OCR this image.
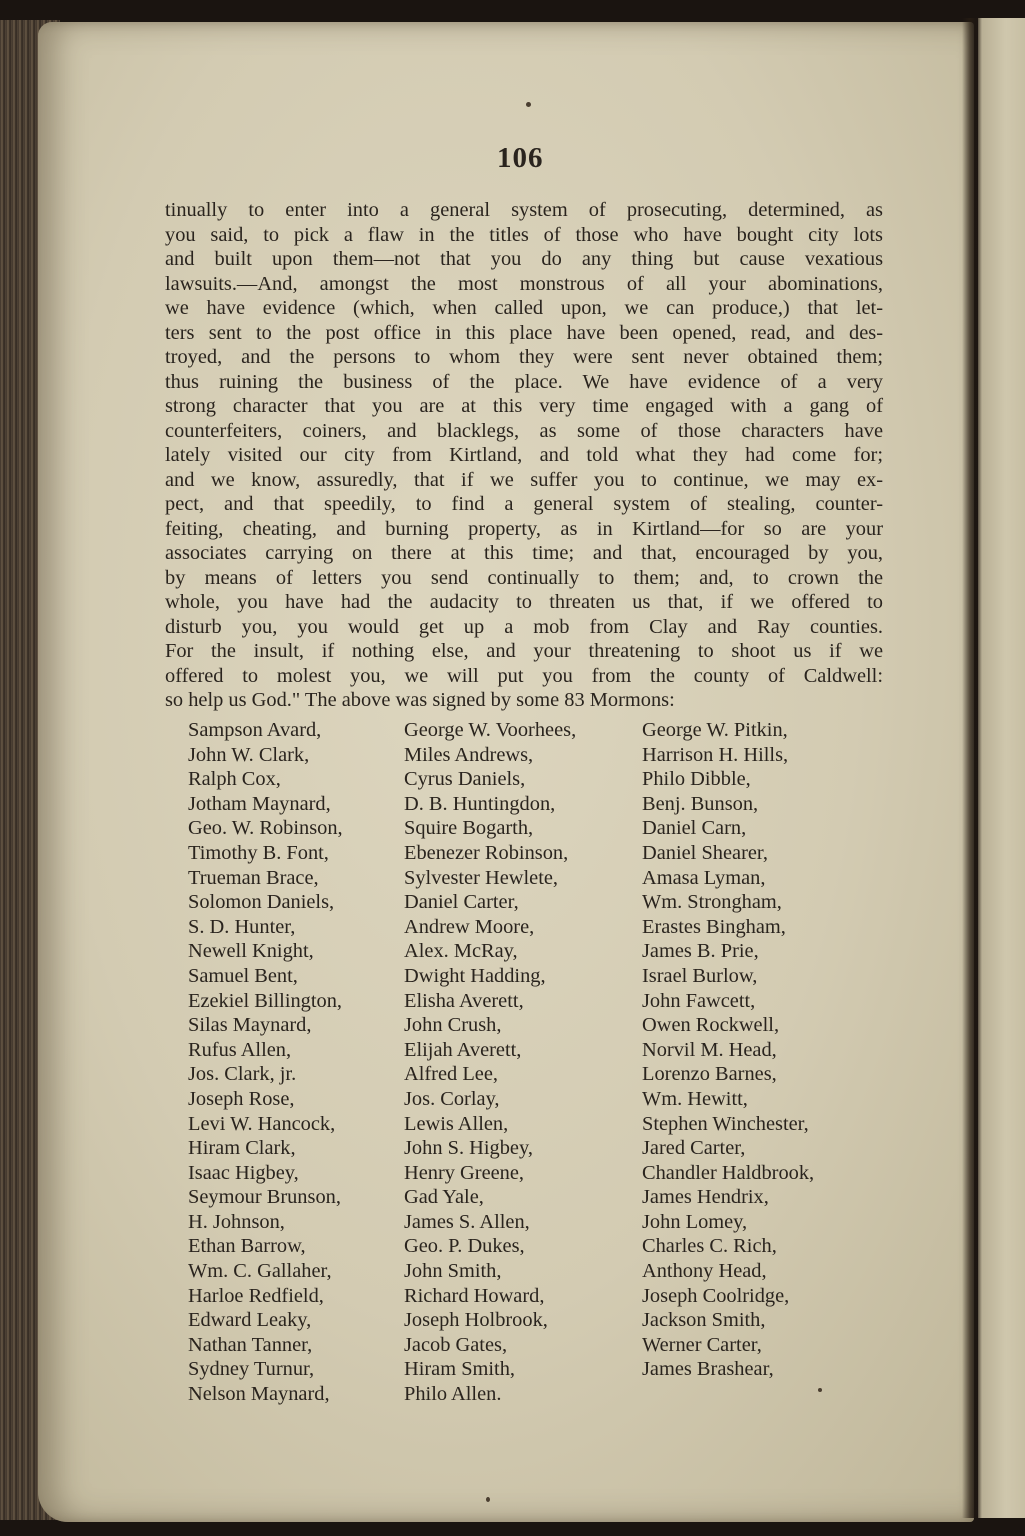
106
tinually to enter into a general system of prosecuting, determined, as
you said, to pick a flaw in the titles of those who have bought city lots
and built upon them—not that you do any thing but cause vexatious
lawsuits.—And, amongst the most monstrous of all your abominations,
we have evidence (which, when called upon, we can produce,) that let-
ters sent to the post office in this place have been opened, read, and des-
troyed, and the persons to whom they were sent never obtained them;
thus ruining the business of the place. We have evidence of a very
strong character that you are at this very time engaged with a gang of
counterfeiters, coiners, and blacklegs, as some of those characters have
lately visited our city from Kirtland, and told what they had come for;
and we know, assuredly, that if we suffer you to continue, we may ex-
pect, and that speedily, to find a general system of stealing, counter-
feiting, cheating, and burning property, as in Kirtland—for so are your
associates carrying on there at this time; and that, encouraged by you,
by means of letters you send continually to them; and, to crown the
whole, you have had the audacity to threaten us that, if we offered to
disturb you, you would get up a mob from Clay and Ray counties.
For the insult, if nothing else, and your threatening to shoot us if we
offered to molest you, we will put you from the county of Caldwell:
so help us God." The above was signed by some 83 Mormons:
Sampson Avard,
John W. Clark,
Ralph Cox,
Jotham Maynard,
Geo. W. Robinson,
Timothy B. Font,
Trueman Brace,
Solomon Daniels,
S. D. Hunter,
Newell Knight,
Samuel Bent,
Ezekiel Billington,
Silas Maynard,
Rufus Allen,
Jos. Clark, jr.
Joseph Rose,
Levi W. Hancock,
Hiram Clark,
Isaac Higbey,
Seymour Brunson,
H. Johnson,
Ethan Barrow,
Wm. C. Gallaher,
Harloe Redfield,
Edward Leaky,
Nathan Tanner,
Sydney Turnur,
Nelson Maynard,
George W. Voorhees,
Miles Andrews,
Cyrus Daniels,
D. B. Huntingdon,
Squire Bogarth,
Ebenezer Robinson,
Sylvester Hewlete,
Daniel Carter,
Andrew Moore,
Alex. McRay,
Dwight Hadding,
Elisha Averett,
John Crush,
Elijah Averett,
Alfred Lee,
Jos. Corlay,
Lewis Allen,
John S. Higbey,
Henry Greene,
Gad Yale,
James S. Allen,
Geo. P. Dukes,
John Smith,
Richard Howard,
Joseph Holbrook,
Jacob Gates,
Hiram Smith,
Philo Allen.
George W. Pitkin,
Harrison H. Hills,
Philo Dibble,
Benj. Bunson,
Daniel Carn,
Daniel Shearer,
Amasa Lyman,
Wm. Strongham,
Erastes Bingham,
James B. Prie,
Israel Burlow,
John Fawcett,
Owen Rockwell,
Norvil M. Head,
Lorenzo Barnes,
Wm. Hewitt,
Stephen Winchester,
Jared Carter,
Chandler Haldbrook,
James Hendrix,
John Lomey,
Charles C. Rich,
Anthony Head,
Joseph Coolridge,
Jackson Smith,
Werner Carter,
James Brashear,
